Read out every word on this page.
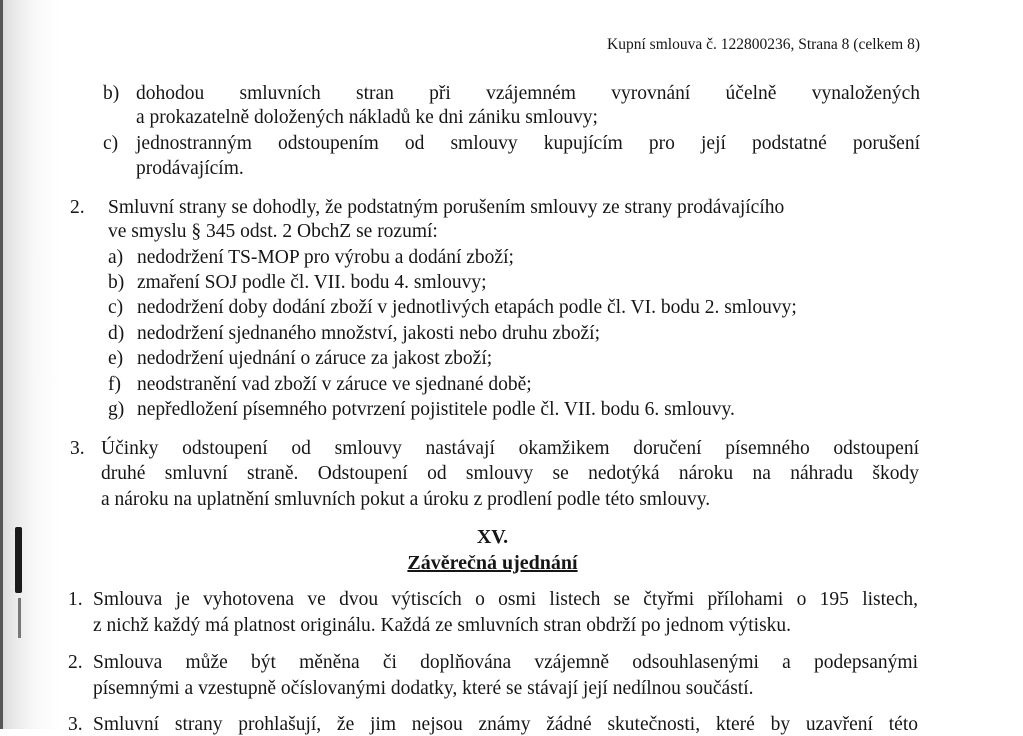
Kupní smlouva č. 122800236, Strana 8 (celkem 8)
b) dohodou smluvních stran při vzájemném vyrovnání účelně vynaložených
a prokazatelně doložených nákladů ke dni zániku smlouvy;
c) jednostranným odstoupením od smlouvy kupujícím pro její podstatné porušení
prodávajícím.
2. Smluvní strany se dohodly, že podstatným porušením smlouvy ze strany prodávajícího
ve smyslu § 345 odst. 2 ObchZ se rozumí:
a) nedodržení TS-MOP pro výrobu a dodání zboží;
b) zmaření SOJ podle čl. VII. bodu 4. smlouvy;
c) nedodržení doby dodání zboží v jednotlivých etapách podle čl. VI. bodu 2. smlouvy;
d) nedodržení sjednaného množství, jakosti nebo druhu zboží;
e) nedodržení ujednání o záruce za jakost zboží;
f) neodstranění vad zboží v záruce ve sjednané době;
g) nepředložení písemného potvrzení pojistitele podle čl. VII. bodu 6. smlouvy.
3. Účinky odstoupení od smlouvy nastávají okamžikem doručení písemného odstoupení
druhé smluvní straně. Odstoupení od smlouvy se nedotýká nároku na náhradu škody
a nároku na uplatnění smluvních pokut a úroku z prodlení podle této smlouvy.
XV.
Závěrečná ujednání
1. Smlouva je vyhotovena ve dvou výtiscích o osmi listech se čtyřmi přílohami o 195 listech,
z nichž každý má platnost originálu. Každá ze smluvních stran obdrží po jednom výtisku.
2. Smlouva může být měněna či doplňována vzájemně odsouhlasenými a podepsanými
písemnými a vzestupně očíslovanými dodatky, které se stávají její nedílnou součástí.
3. Smluvní strany prohlašují, že jim nejsou známy žádné skutečnosti, které by uzavření této
